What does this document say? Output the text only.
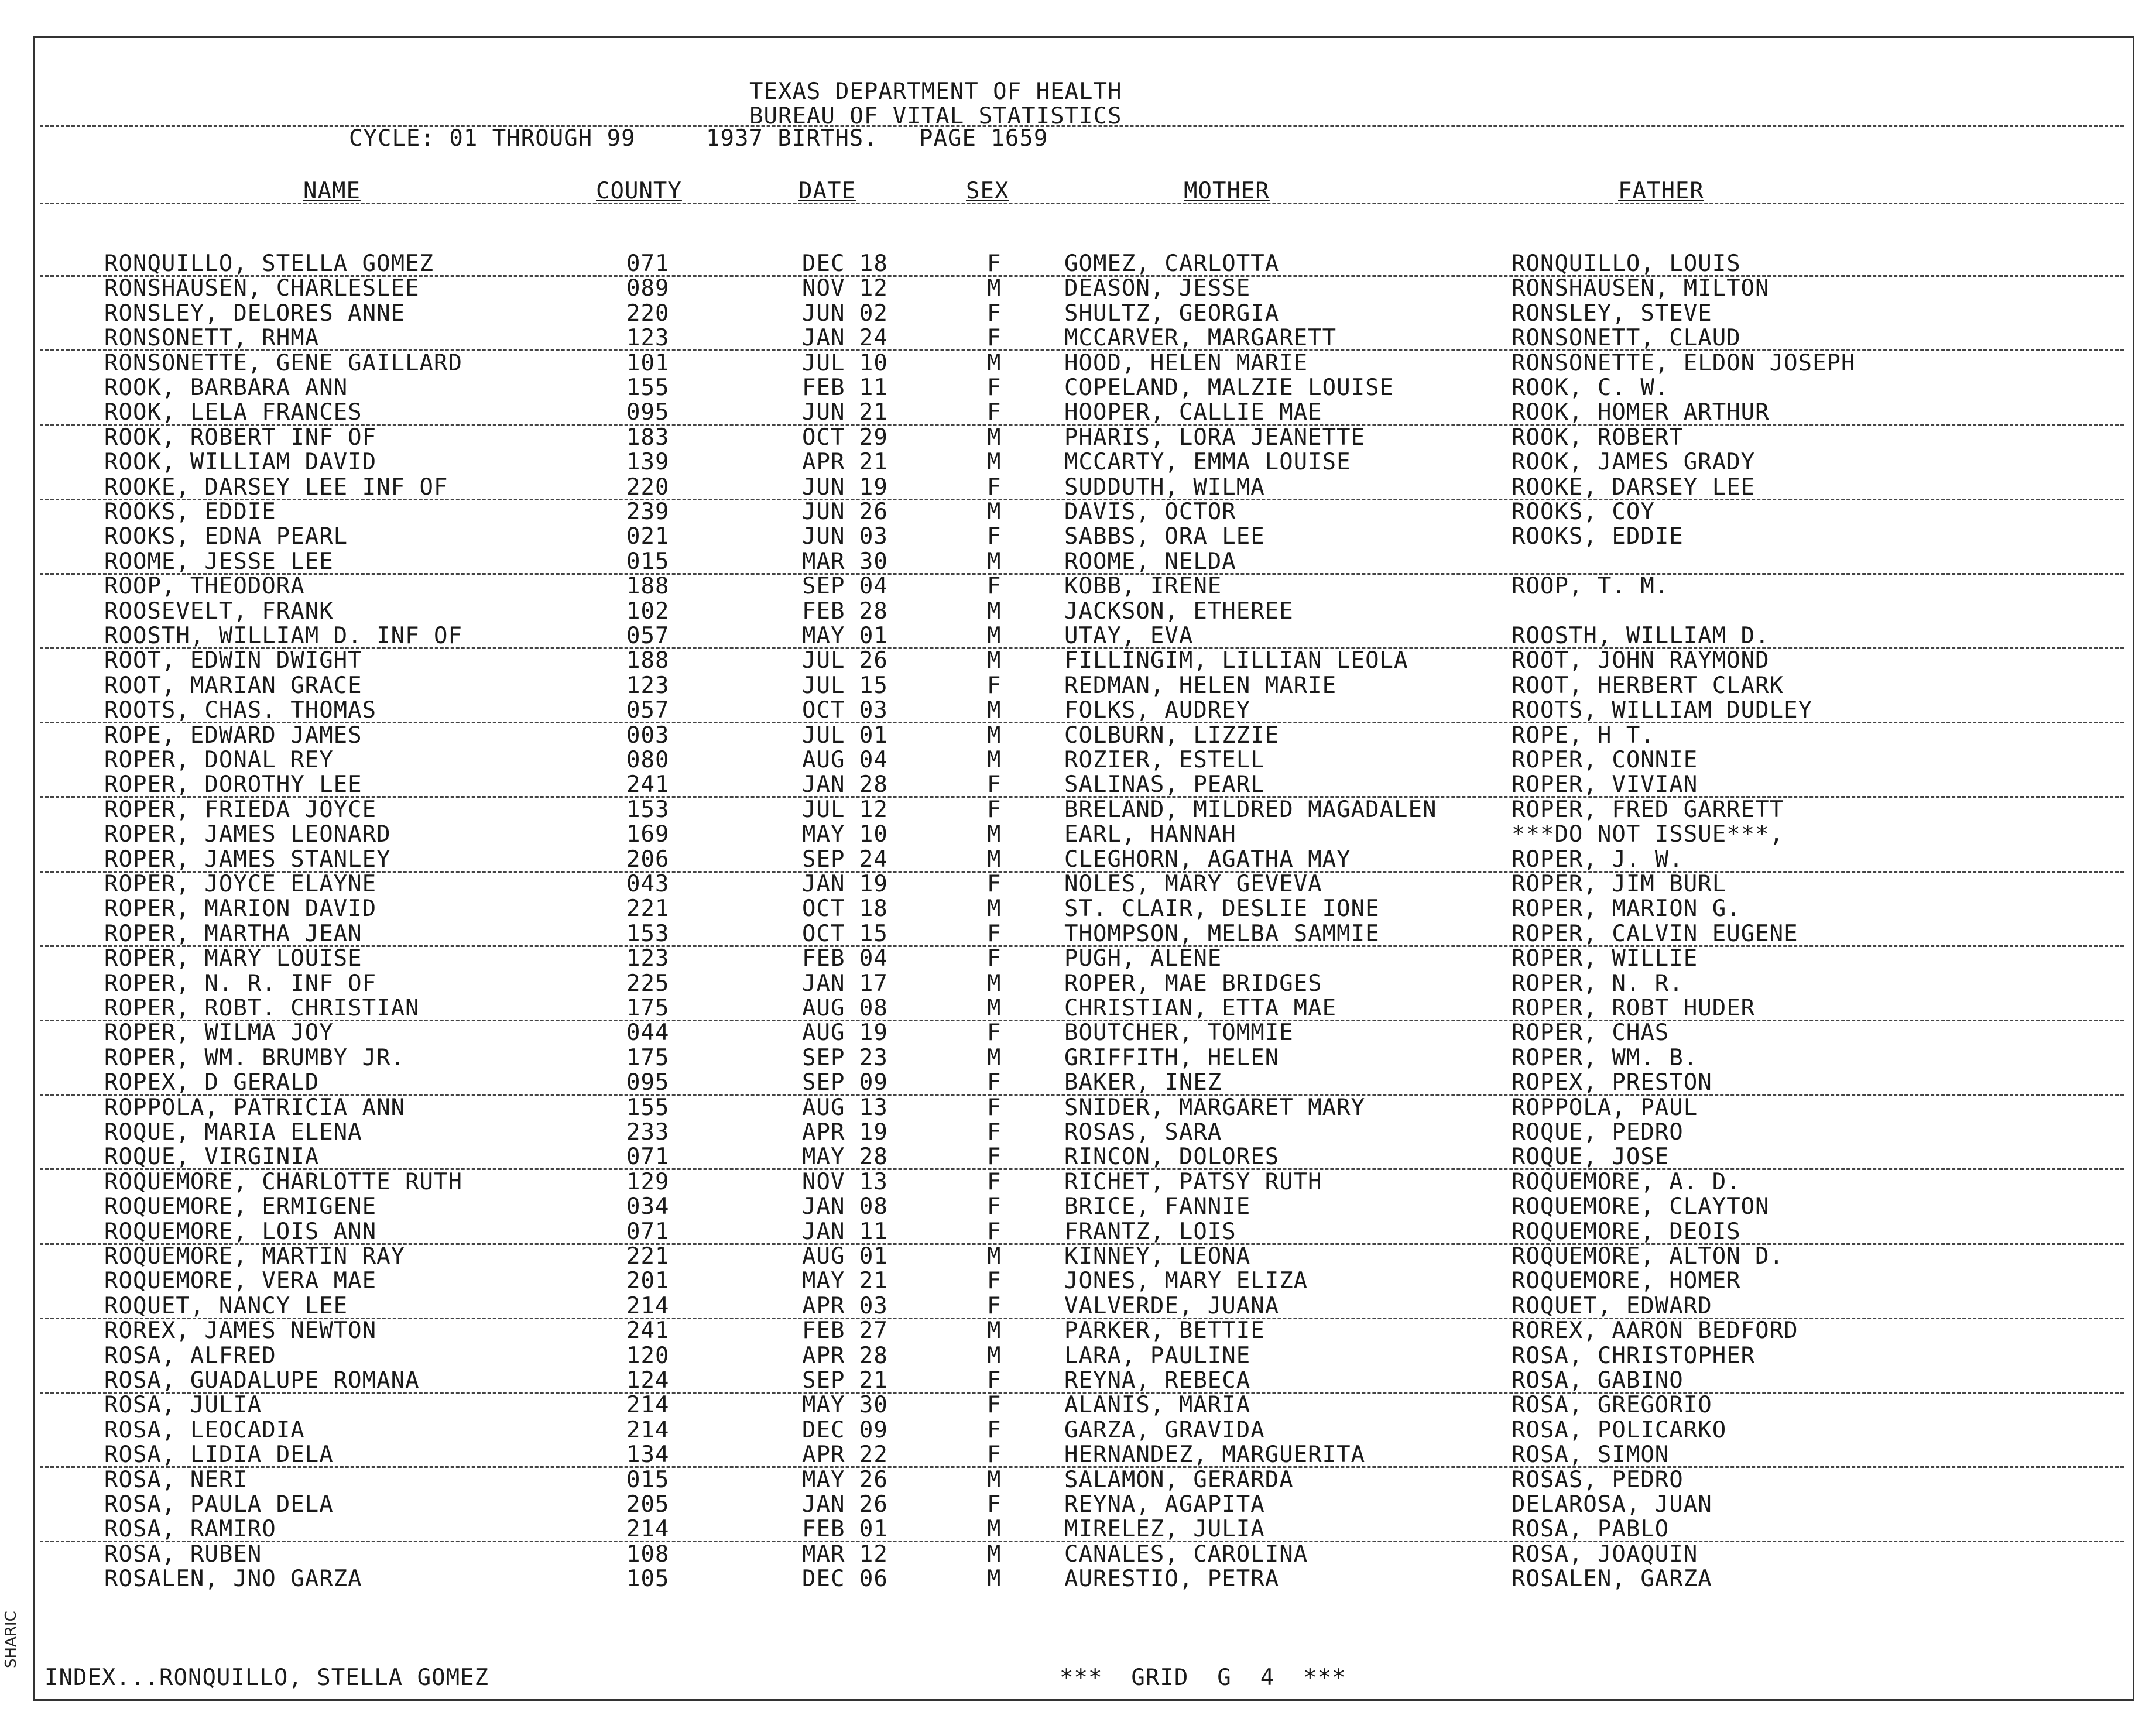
TEXAS DEPARTMENT OF HEALTH
BUREAU OF VITAL STATISTICS
CYCLE: 01 THROUGH 99	1937 BIRTHS. PAGE 1659
NAME	COUNTY	DATE	SEX	MOTHER	FATHER
RONQUILLO, STELLA GOMEZ	071	DEC 18	F	GOMEZ, CARLOTTA	RONQUILLO, LOUIS
RONSHAUSEN, CHARLESLEE	089	NOV 12	M	DEASON, JESSE	RONSHAUSEN, MILTON
RONSLEY, DELORES ANNE	220	JUN 02	F	SHULTZ, GEORGIA	RONSLEY, STEVE
RONSONETT, RHMA	123	JAN 24	F	MCCARVER, MARGARETT	RONSONETT, CLAUD
RONSONETTE, GENE GAILLARD	101	JUL 10	M	HOOD, HELEN MARIE	RONSONETTE, ELDON JOSEPH
ROOK, BARBARA ANN	155	FEB 11	F	COPELAND, MALZIE LOUISE	ROOK, C. W.
ROOK, LELA FRANCES	095	JUN 21	F	HOOPER, CALLIE MAE	ROOK, HOMER ARTHUR
ROOK, ROBERT INF OF	183	OCT 29	M	PHARIS, LORA JEANETTE	ROOK, ROBERT
ROOK, WILLIAM DAVID	139	APR 21	M	MCCARTY, EMMA LOUISE	ROOK, JAMES GRADY
ROOKE, DARSEY LEE INF OF	220	JUN 19	F	SUDDUTH, WILMA	ROOKE, DARSEY LEE
ROOKS, EDDIE	239	JUN 26	M	DAVIS, OCTOR	ROOKS, COY
ROOKS, EDNA PEARL	021	JUN 03	F	SABBS, ORA LEE	ROOKS, EDDIE
ROOME, JESSE LEE	015	MAR 30	M	ROOME, NELDA
ROOP, THEODORA	188	SEP 04	F	KOBB, IRENE	ROOP, T. M.
ROOSEVELT, FRANK	102	FEB 28	M	JACKSON, ETHEREE
ROOSTH, WILLIAM D. INF OF	057	MAY 01	M	UTAY, EVA	ROOSTH, WILLIAM D.
ROOT, EDWIN DWIGHT	188	JUL 26	M	FILLINGIM, LILLIAN LEOLA	ROOT, JOHN RAYMOND
ROOT, MARIAN GRACE	123	JUL 15	F	REDMAN, HELEN MARIE	ROOT, HERBERT CLARK
ROOTS, CHAS. THOMAS	057	OCT 03	M	FOLKS, AUDREY	ROOTS, WILLIAM DUDLEY
ROPE, EDWARD JAMES	003	JUL 01	M	COLBURN, LIZZIE	ROPE, H T.
ROPER, DONAL REY	080	AUG 04	M	ROZIER, ESTELL	ROPER, CONNIE
ROPER, DOROTHY LEE	241	JAN 28	F	SALINAS, PEARL	ROPER, VIVIAN
ROPER, FRIEDA JOYCE	153	JUL 12	F	BRELAND, MILDRED MAGADALEN	ROPER, FRED GARRETT
ROPER, JAMES LEONARD	169	MAY 10	M	EARL, HANNAH	***DO NOT ISSUE***,
ROPER, JAMES STANLEY	206	SEP 24	M	CLEGHORN, AGATHA MAY	ROPER, J. W.
ROPER, JOYCE ELAYNE	043	JAN 19	F	NOLES, MARY GEVEVA	ROPER, JIM BURL
ROPER, MARION DAVID	221	OCT 18	M	ST. CLAIR, DESLIE IONE	ROPER, MARION G.
ROPER, MARTHA JEAN	153	OCT 15	F	THOMPSON, MELBA SAMMIE	ROPER, CALVIN EUGENE
ROPER, MARY LOUISE	123	FEB 04	F	PUGH, ALENE	ROPER, WILLIE
ROPER, N. R. INF OF	225	JAN 17	M	ROPER, MAE BRIDGES	ROPER, N. R.
ROPER, ROBT. CHRISTIAN	175	AUG 08	M	CHRISTIAN, ETTA MAE	ROPER, ROBT HUDER
ROPER, WILMA JOY	044	AUG 19	F	BOUTCHER, TOMMIE	ROPER, CHAS
ROPER, WM. BRUMBY JR.	175	SEP 23	M	GRIFFITH, HELEN	ROPER, WM. B.
ROPEX, D GERALD	095	SEP 09	F	BAKER, INEZ	ROPEX, PRESTON
ROPPOLA, PATRICIA ANN	155	AUG 13	F	SNIDER, MARGARET MARY	ROPPOLA, PAUL
ROQUE, MARIA ELENA	233	APR 19	F	ROSAS, SARA	ROQUE, PEDRO
ROQUE, VIRGINIA	071	MAY 28	F	RINCON, DOLORES	ROQUE, JOSE
ROQUEMORE, CHARLOTTE RUTH	129	NOV 13	F	RICHET, PATSY RUTH	ROQUEMORE, A. D.
ROQUEMORE, ERMIGENE	034	JAN 08	F	BRICE, FANNIE	ROQUEMORE, CLAYTON
ROQUEMORE, LOIS ANN	071	JAN 11	F	FRANTZ, LOIS	ROQUEMORE, DEOIS
ROQUEMORE, MARTIN RAY	221	AUG 01	M	KINNEY, LEONA	ROQUEMORE, ALTON D.
ROQUEMORE, VERA MAE	201	MAY 21	F	JONES, MARY ELIZA	ROQUEMORE, HOMER
ROQUET, NANCY LEE	214	APR 03	F	VALVERDE, JUANA	ROQUET, EDWARD
ROREX, JAMES NEWTON	241	FEB 27	M	PARKER, BETTIE	ROREX, AARON BEDFORD
ROSA, ALFRED	120	APR 28	M	LARA, PAULINE	ROSA, CHRISTOPHER
ROSA, GUADALUPE ROMANA	124	SEP 21	F	REYNA, REBECA	ROSA, GABINO
ROSA, JULIA	214	MAY 30	F	ALANIS, MARIA	ROSA, GREGORIO
ROSA, LEOCADIA	214	DEC 09	F	GARZA, GRAVIDA	ROSA, POLICARKO
ROSA, LIDIA DELA	134	APR 22	F	HERNANDEZ, MARGUERITA	ROSA, SIMON
ROSA, NERI	015	MAY 26	M	SALAMON, GERARDA	ROSAS, PEDRO
ROSA, PAULA DELA	205	JAN 26	F	REYNA, AGAPITA	DELAROSA, JUAN
ROSA, RAMIRO	214	FEB 01	M	MIRELEZ, JULIA	ROSA, PABLO
ROSA, RUBEN	108	MAR 12	M	CANALES, CAROLINA	ROSA, JOAQUIN
ROSALEN, JNO GARZA	105	DEC 06	M	AURESTIO, PETRA	ROSALEN, GARZA
INDEX... RONQUILLO, STELLA GOMEZ	***  GRID  G  4  ***
SHARIC
